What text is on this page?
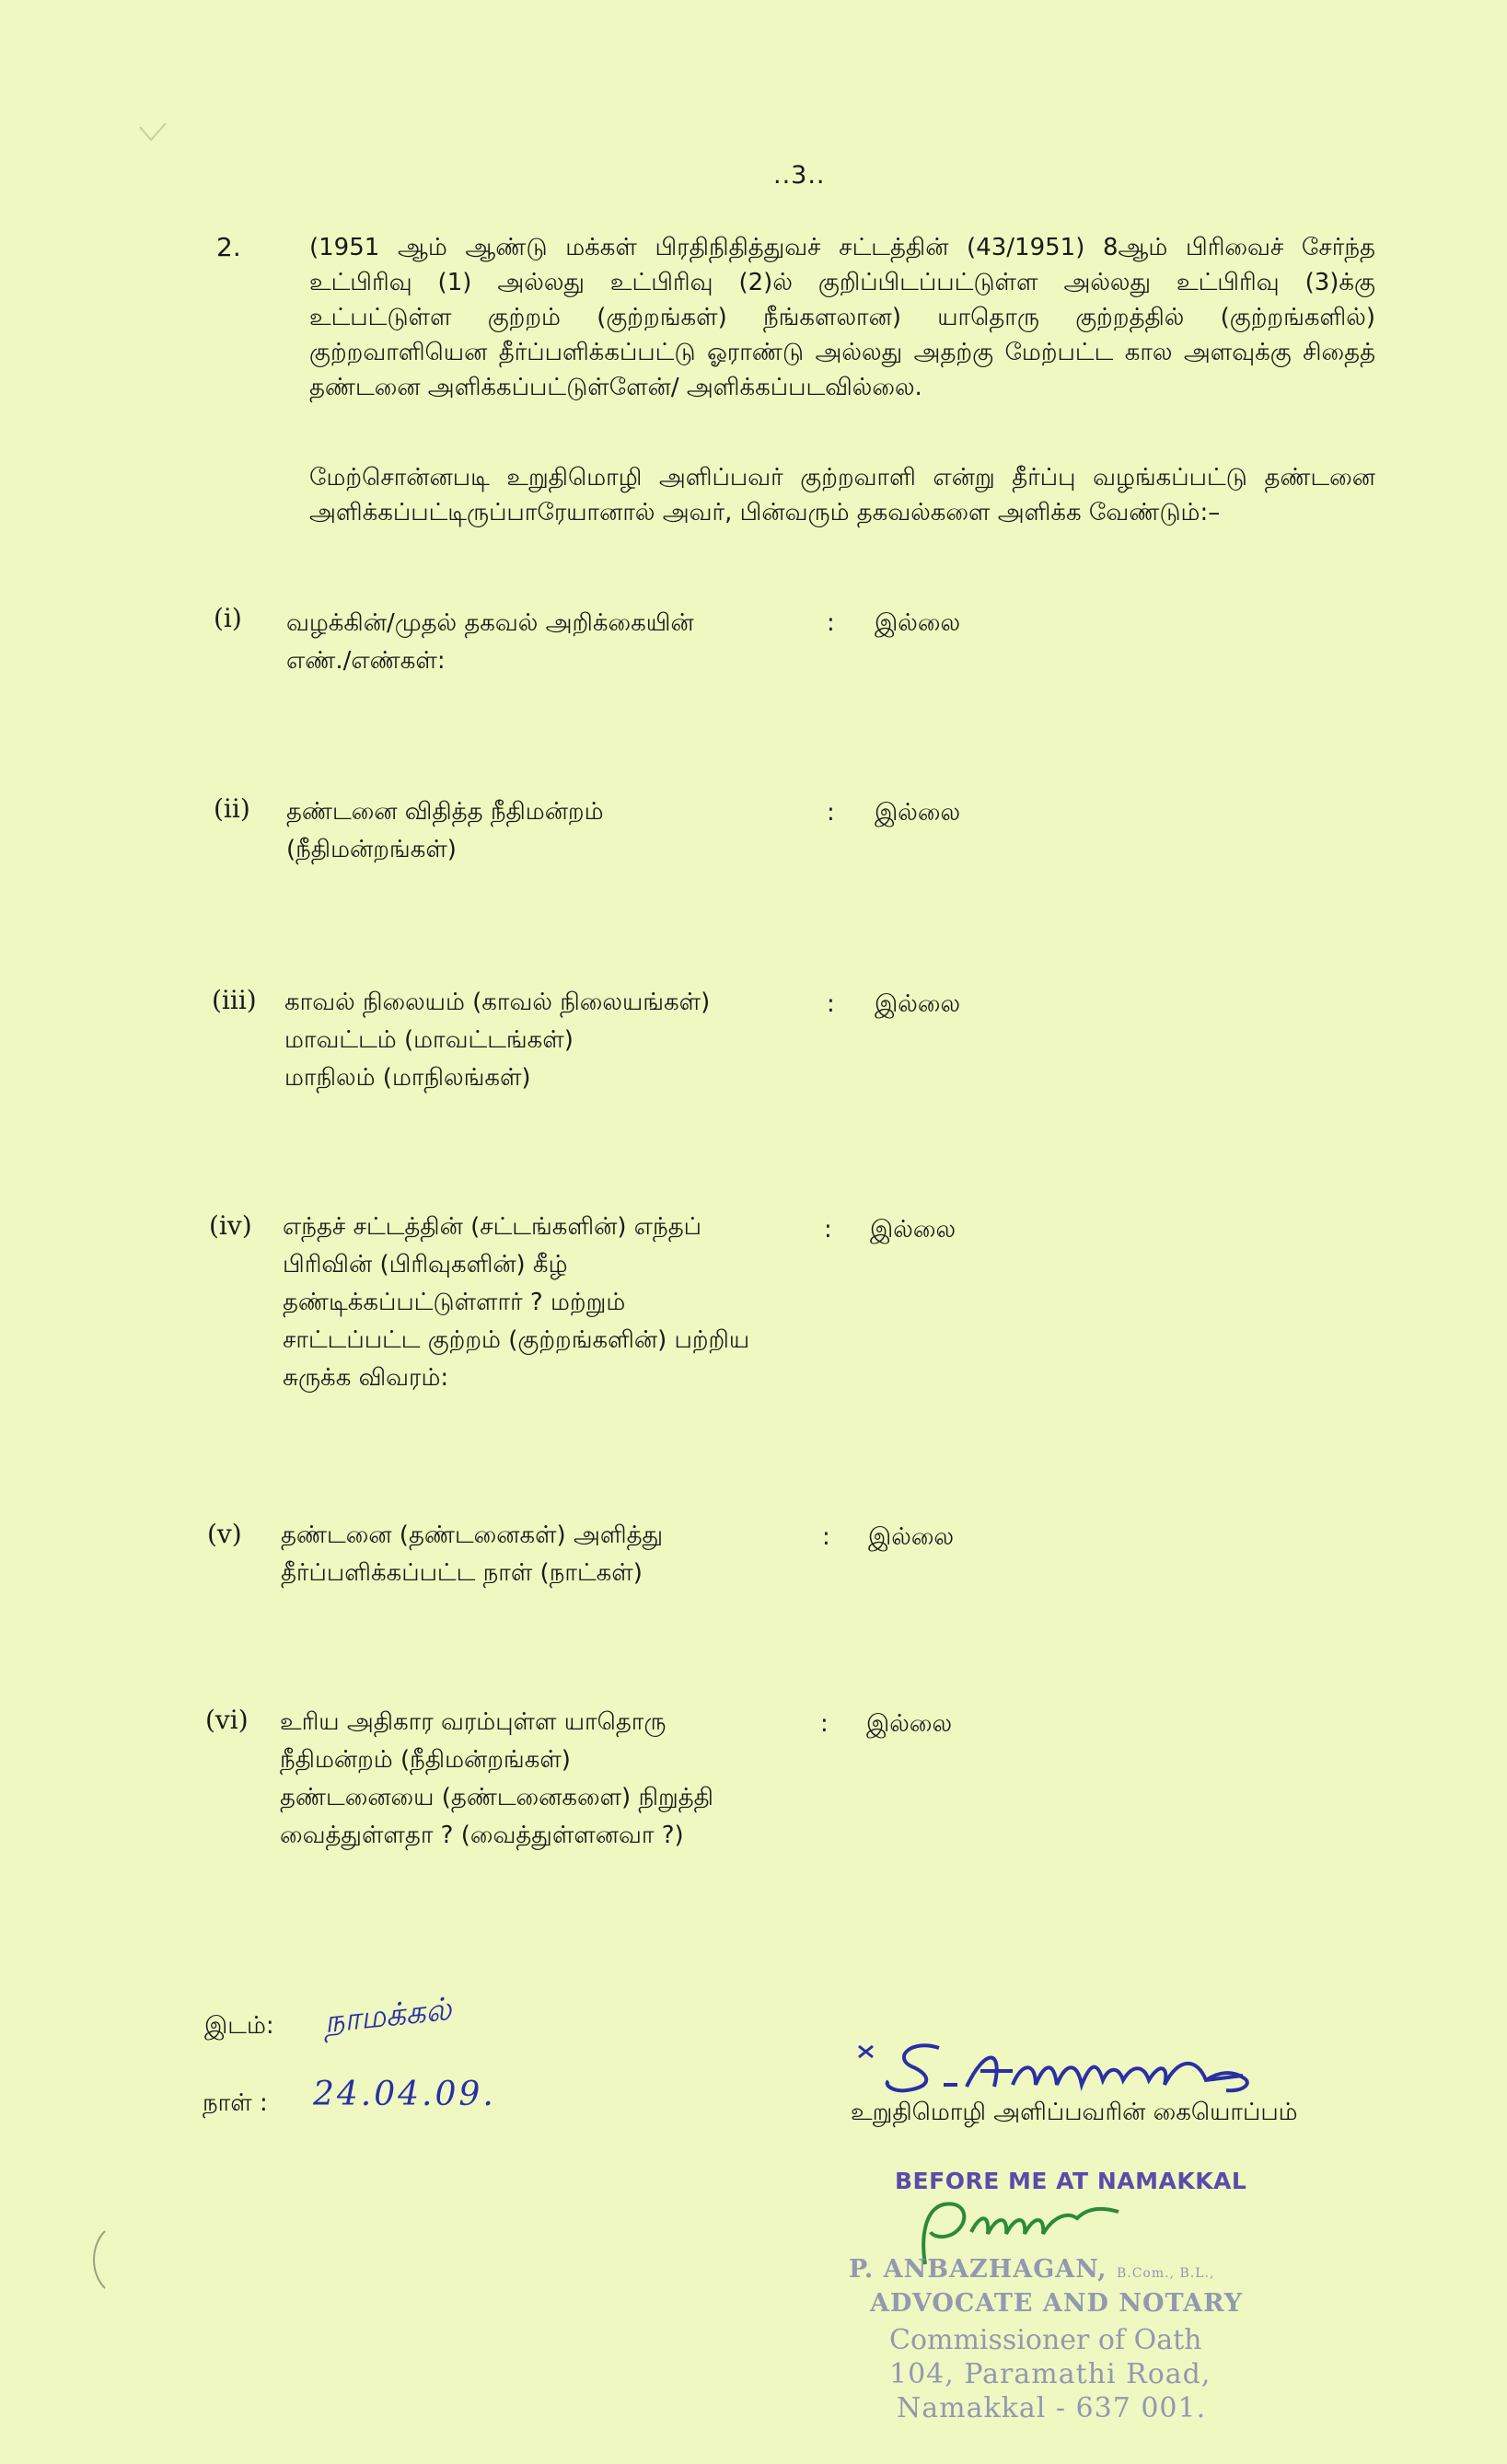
..3..
2.	(1951 ஆம் ஆண்டு மக்கள் பிரதிநிதித்துவச் சட்டத்தின் (43/1951) 8ஆம் பிரிவைச் சேர்ந்த உட்பிரிவு (1) அல்லது உட்பிரிவு (2)ல் குறிப்பிடப்பட்டுள்ள அல்லது உட்பிரிவு (3)க்கு உட்பட்டுள்ள குற்றம் (குற்றங்கள்) நீங்களலான) யாதொரு குற்றத்தில் (குற்றங்களில்) குற்றவாளியென தீர்ப்பளிக்கப்பட்டு ஓராண்டு அல்லது அதற்கு மேற்பட்ட கால அளவுக்கு சிதைத் தண்டனை அளிக்கப்பட்டுள்ளேன்/ அளிக்கப்படவில்லை.
மேற்சொன்னபடி உறுதிமொழி அளிப்பவர் குற்றவாளி என்று தீர்ப்பு வழங்கப்பட்டு தண்டனை அளிக்கப்பட்டிருப்பாரேயானால் அவர், பின்வரும் தகவல்களை அளிக்க வேண்டும்:–
(i) வழக்கின்/முதல் தகவல் அறிக்கையின்
எண்./எண்கள்:
: இல்லை
(ii) தண்டனை விதித்த நீதிமன்றம்
(நீதிமன்றங்கள்)
: இல்லை
(iii) காவல் நிலையம் (காவல் நிலையங்கள்)
மாவட்டம் (மாவட்டங்கள்)
மாநிலம் (மாநிலங்கள்)
: இல்லை
(iv) எந்தச் சட்டத்தின் (சட்டங்களின்) எந்தப்
பிரிவின் (பிரிவுகளின்) கீழ்
தண்டிக்கப்பட்டுள்ளார் ? மற்றும்
சாட்டப்பட்ட குற்றம் (குற்றங்களின்) பற்றிய
சுருக்க விவரம்:
: இல்லை
(v) தண்டனை (தண்டனைகள்) அளித்து
தீர்ப்பளிக்கப்பட்ட நாள் (நாட்கள்)
: இல்லை
(vi) உரிய அதிகார வரம்புள்ள யாதொரு
நீதிமன்றம் (நீதிமன்றங்கள்)
தண்டனையை (தண்டனைகளை) நிறுத்தி
வைத்துள்ளதா ? (வைத்துள்ளனவா ?)
: இல்லை
இடம்: நாமக்கல்
நாள் : 24.04.09.	உறுதிமொழி அளிப்பவரின் கையொப்பம்
BEFORE ME AT NAMAKKAL
P. ANBAZHAGAN, B.Com., B.L.,
ADVOCATE AND NOTARY
Commissioner of Oath
104, Paramathi Road,
Namakkal - 637 001.
